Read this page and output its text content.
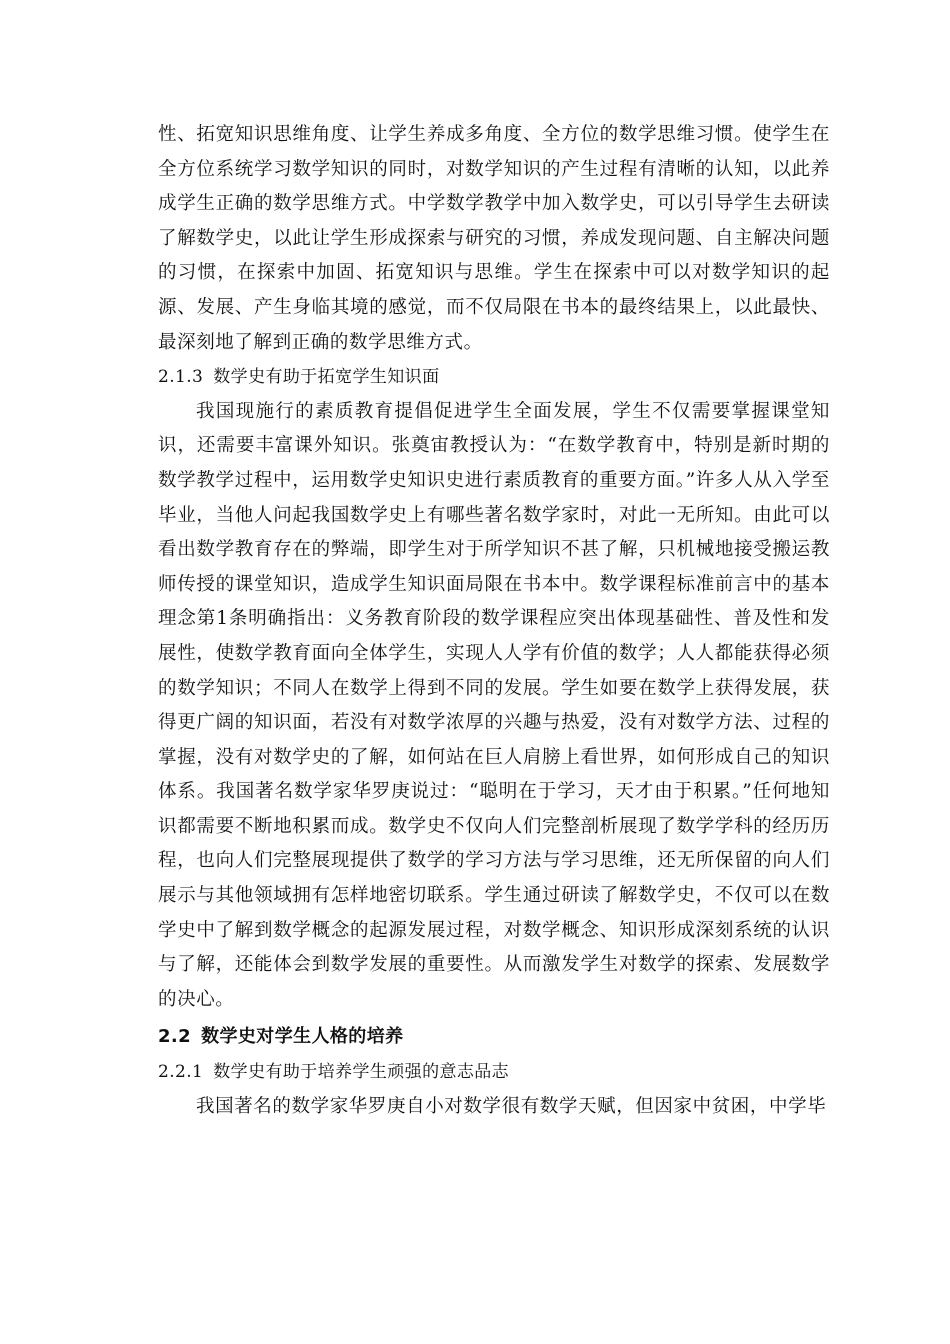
性、拓宽知识思维角度、让学生养成多角度、全方位的数学思维习惯。使学生在全方位系统学习数学知识的同时，对数学知识的产生过程有清晰的认知，以此养成学生正确的数学思维方式。中学数学教学中加入数学史，可以引导学生去研读了解数学史，以此让学生形成探索与研究的习惯，养成发现问题、自主解决问题的习惯，在探索中加固、拓宽知识与思维。学生在探索中可以对数学知识的起源、发展、产生身临其境的感觉，而不仅局限在书本的最终结果上，以此最快、最深刻地了解到正确的数学思维方式。

2.1.3 数学史有助于拓宽学生知识面

我国现施行的素质教育提倡促进学生全面发展，学生不仅需要掌握课堂知识，还需要丰富课外知识。张奠宙教授认为：“在数学教育中，特别是新时期的数学教学过程中，运用数学史知识史进行素质教育的重要方面。”许多人从入学至毕业，当他人问起我国数学史上有哪些著名数学家时，对此一无所知。由此可以看出数学教育存在的弊端，即学生对于所学知识不甚了解，只机械地接受搬运教师传授的课堂知识，造成学生知识面局限在书本中。数学课程标准前言中的基本理念第1条明确指出：义务教育阶段的数学课程应突出体现基础性、普及性和发展性，使数学教育面向全体学生，实现人人学有价值的数学；人人都能获得必须的数学知识；不同人在数学上得到不同的发展。学生如要在数学上获得发展，获得更广阔的知识面，若没有对数学浓厚的兴趣与热爱，没有对数学方法、过程的掌握，没有对数学史的了解，如何站在巨人肩膀上看世界，如何形成自己的知识体系。我国著名数学家华罗庚说过：“聪明在于学习，天才由于积累。”任何地知识都需要不断地积累而成。数学史不仅向人们完整剖析展现了数学学科的经历历程，也向人们完整展现提供了数学的学习方法与学习思维，还无所保留的向人们展示与其他领域拥有怎样地密切联系。学生通过研读了解数学史，不仅可以在数学史中了解到数学概念的起源发展过程，对数学概念、知识形成深刻系统的认识与了解，还能体会到数学发展的重要性。从而激发学生对数学的探索、发展数学的决心。

2.2 数学史对学生人格的培养
2.2.1 数学史有助于培养学生顽强的意志品志

我国著名的数学家华罗庚自小对数学很有数学天赋，但因家中贫困，中学毕
